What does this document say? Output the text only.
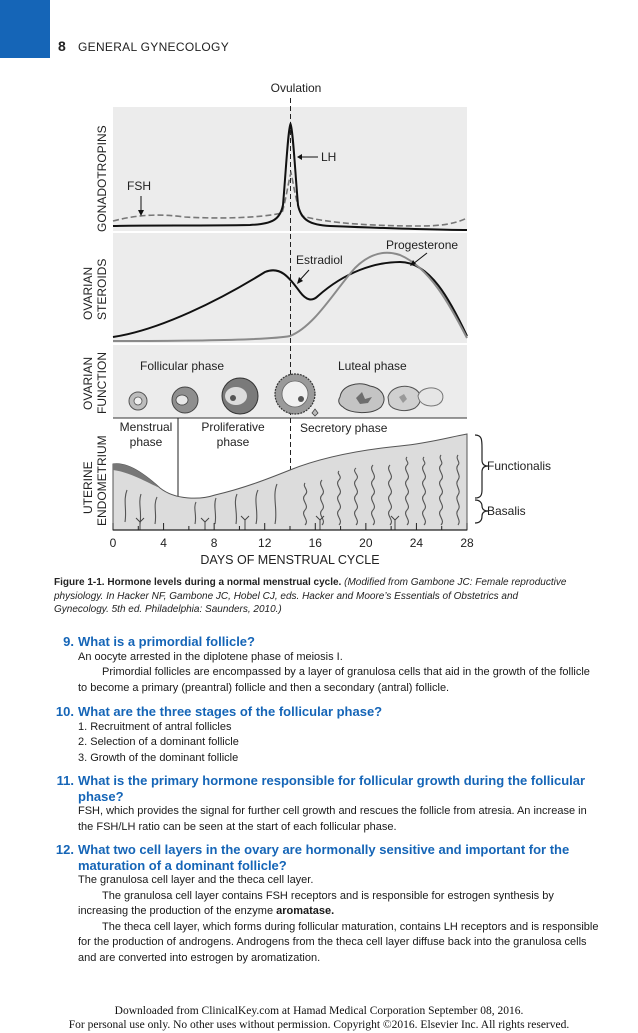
8 GENERAL GYNECOLOGY
GONADOTROPINS
OVARIAN STEROIDS
OVARIAN FUNCTION
UTERINE ENDOMETRIUM
Ovulation
LH
FSH
Estradiol
Progesterone
Follicular phase	Luteal phase
Menstrual
phase
Proliferative
phase
Secretory phase
Functionalis
Basalis
0	4	8	12	16	20	24	28
DAYS OF MENSTRUAL CYCLE
Figure 1-1. Hormone levels during a normal menstrual cycle. (Modified from Gambone JC: Female reproductive physiology. In Hacker NF, Gambone JC, Hobel CJ, eds. Hacker and Moore’s Essentials of Obstetrics and Gynecology. 5th ed. Philadelphia: Saunders, 2010.)
9. What is a primordial follicle?
An oocyte arrested in the diplotene phase of meiosis I.
Primordial follicles are encompassed by a layer of granulosa cells that aid in the growth of the follicle to become a primary (preantral) follicle and then a secondary (antral) follicle.
10. What are the three stages of the follicular phase?
1. Recruitment of antral follicles
2. Selection of a dominant follicle
3. Growth of the dominant follicle
11. What is the primary hormone responsible for follicular growth during the follicular phase?
FSH, which provides the signal for further cell growth and rescues the follicle from atresia. An increase in the FSH/LH ratio can be seen at the start of each follicular phase.
12. What two cell layers in the ovary are hormonally sensitive and important for the maturation of a dominant follicle?
The granulosa cell layer and the theca cell layer.
The granulosa cell layer contains FSH receptors and is responsible for estrogen synthesis by increasing the production of the enzyme aromatase.
The theca cell layer, which forms during follicular maturation, contains LH receptors and is responsible for the production of androgens. Androgens from the theca cell layer diffuse back into the granulosa cells and are converted into estrogen by aromatization.
Downloaded from ClinicalKey.com at Hamad Medical Corporation September 08, 2016.
For personal use only. No other uses without permission. Copyright ©2016. Elsevier Inc. All rights reserved.
